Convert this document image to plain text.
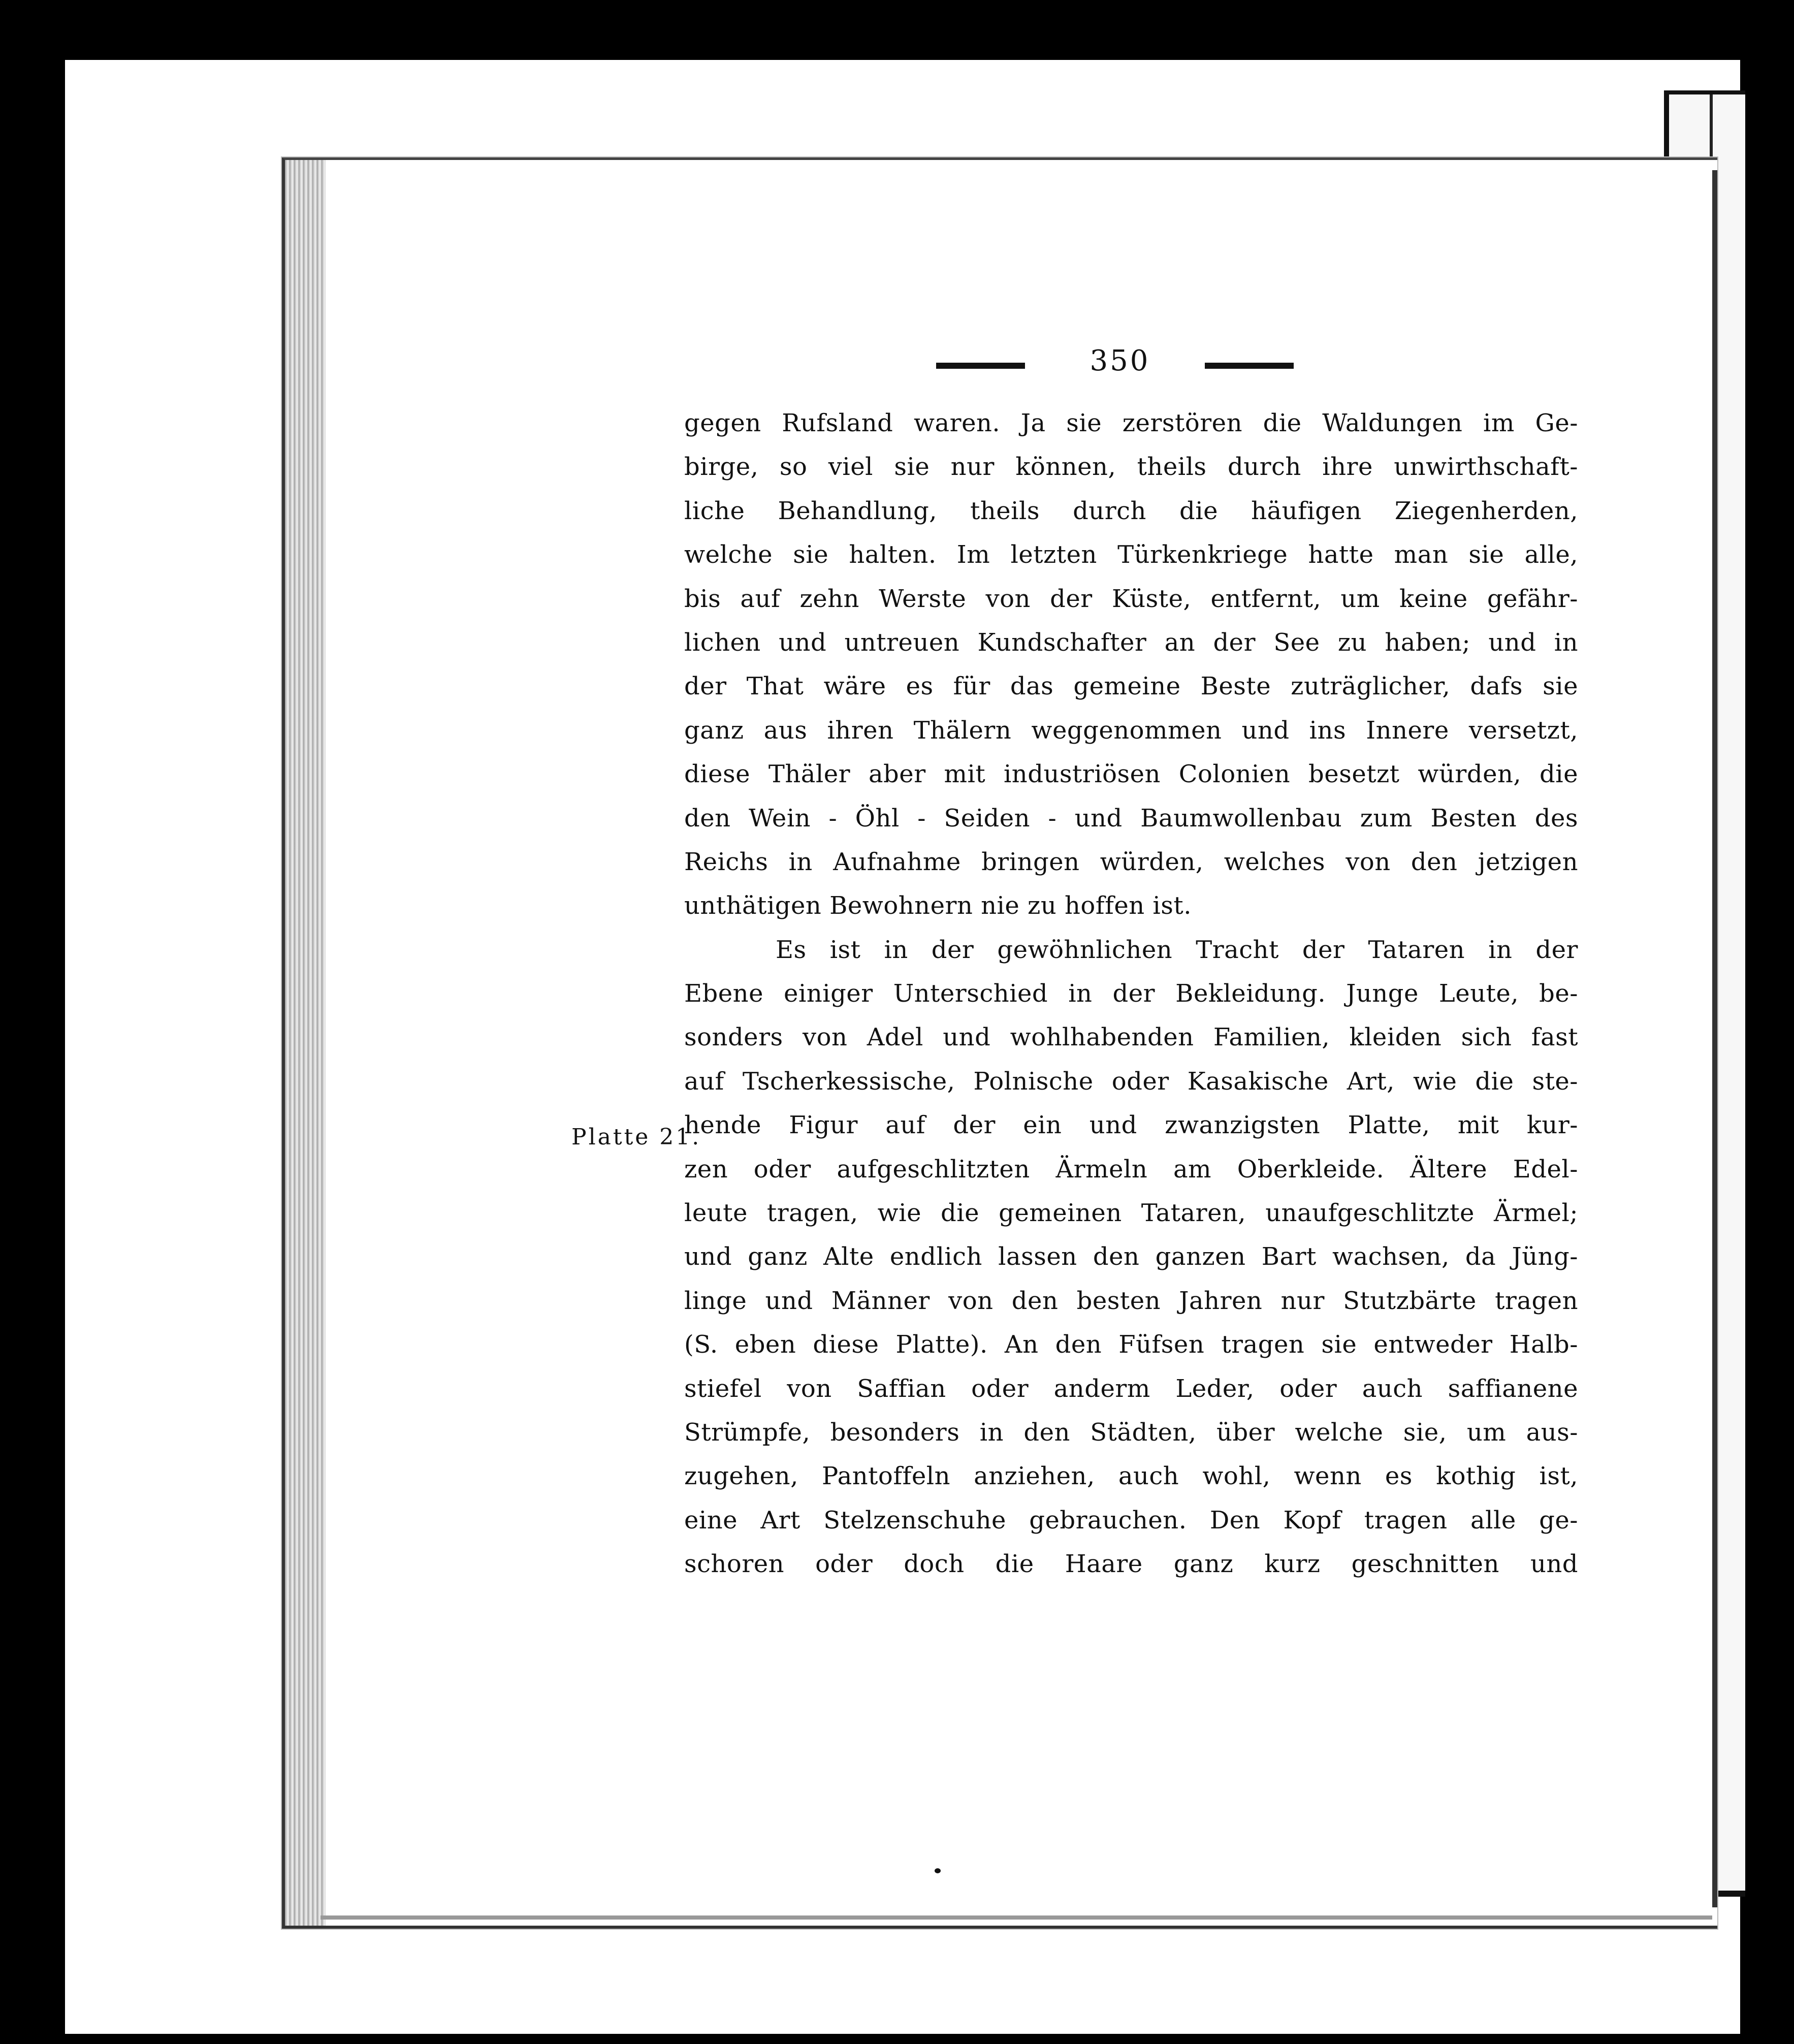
350
Platte 21.
gegen Rufsland waren. Ja sie zerstören die Waldungen im Ge-
birge, so viel sie nur können, theils durch ihre unwirthschaft-
liche Behandlung, theils durch die häufigen Ziegenherden,
welche sie halten. Im letzten Türkenkriege hatte man sie alle,
bis auf zehn Werste von der Küste, entfernt, um keine gefähr-
lichen und untreuen Kundschafter an der See zu haben; und in
der That wäre es für das gemeine Beste zuträglicher, dafs sie
ganz aus ihren Thälern weggenommen und ins Innere versetzt,
diese Thäler aber mit industriösen Colonien besetzt würden, die
den Wein - Öhl - Seiden - und Baumwollenbau zum Besten des
Reichs in Aufnahme bringen würden, welches von den jetzigen
unthätigen Bewohnern nie zu hoffen ist.
Es ist in der gewöhnlichen Tracht der Tataren in der
Ebene einiger Unterschied in der Bekleidung. Junge Leute, be-
sonders von Adel und wohlhabenden Familien, kleiden sich fast
auf Tscherkessische, Polnische oder Kasakische Art, wie die ste-
hende Figur auf der ein und zwanzigsten Platte, mit kur-
zen oder aufgeschlitzten Ärmeln am Oberkleide. Ältere Edel-
leute tragen, wie die gemeinen Tataren, unaufgeschlitzte Ärmel;
und ganz Alte endlich lassen den ganzen Bart wachsen, da Jüng-
linge und Männer von den besten Jahren nur Stutzbärte tragen
(S. eben diese Platte). An den Füfsen tragen sie entweder Halb-
stiefel von Saffian oder anderm Leder, oder auch saffianene
Strümpfe, besonders in den Städten, über welche sie, um aus-
zugehen, Pantoffeln anziehen, auch wohl, wenn es kothig ist,
eine Art Stelzenschuhe gebrauchen. Den Kopf tragen alle ge-
schoren oder doch die Haare ganz kurz geschnitten und
